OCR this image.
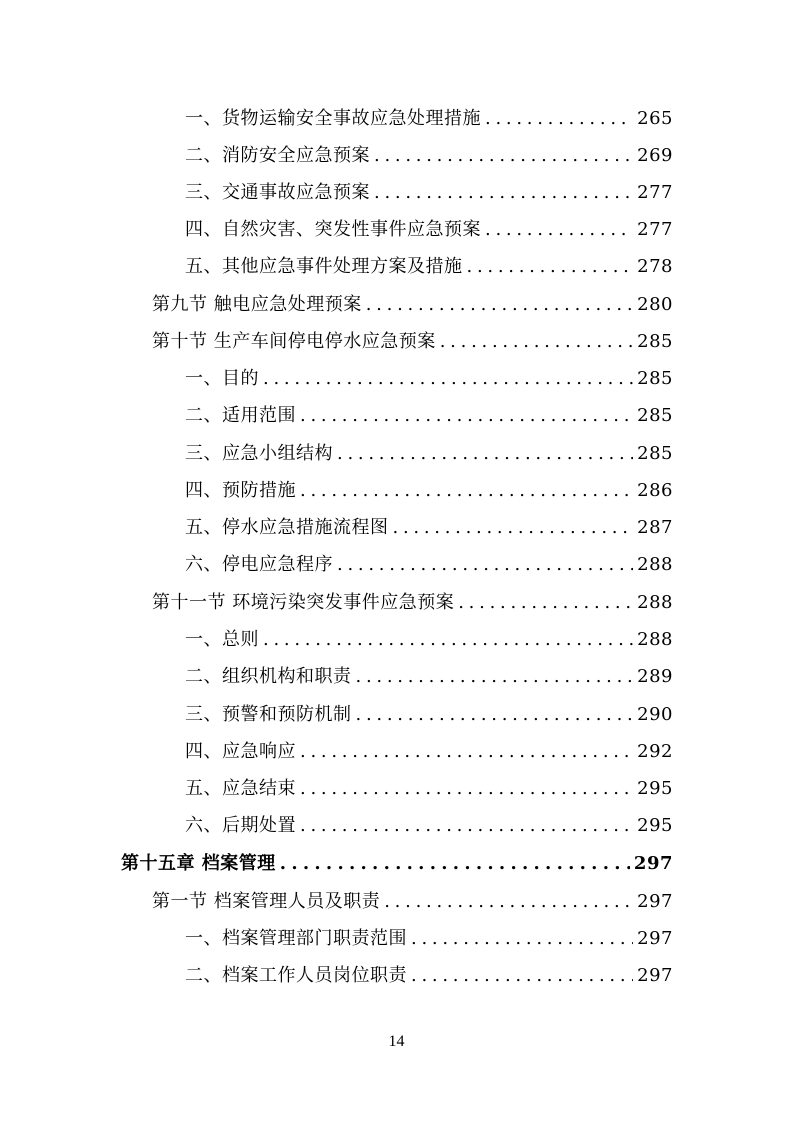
一、货物运输安全事故应急处理措施 . . .	265
二、消防安全应急预案 . . .	269
三、交通事故应急预案 . . .	277
四、自然灾害、突发性事件应急预案 . . .	277
五、其他应急事件处理方案及措施 . . .	278
第九节 触电应急处理预案 . . .	280
第十节 生产车间停电停水应急预案 . . .	285
一、目的 . . .	285
二、适用范围 . . .	285
三、应急小组结构 . . .	285
四、预防措施 . . .	286
五、停水应急措施流程图 . . .	287
六、停电应急程序 . . .	288
第十一节 环境污染突发事件应急预案 . . .	288
一、总则 . . .	288
二、组织机构和职责 . . .	289
三、预警和预防机制 . . .	290
四、应急响应 . . .	292
五、应急结束 . . .	295
六、后期处置 . . .	295
第十五章 档案管理 . . .	297
第一节 档案管理人员及职责 . . .	297
一、档案管理部门职责范围 . . .	297
二、档案工作人员岗位职责 . . .	297
14
